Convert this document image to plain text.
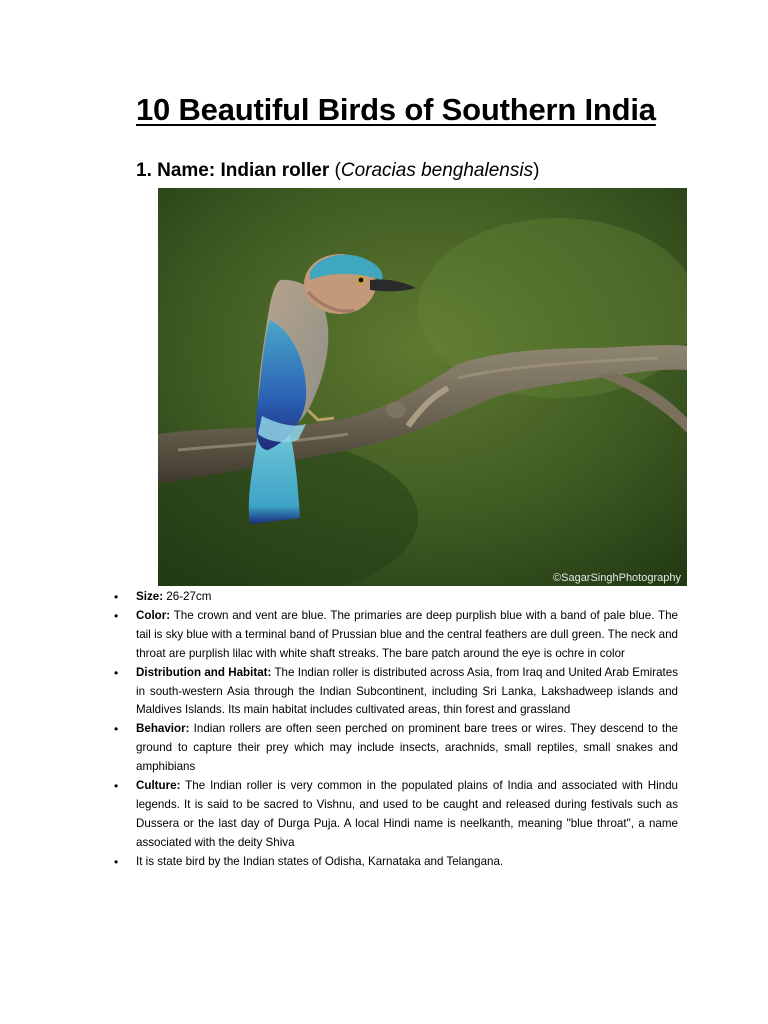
10 Beautiful Birds of Southern India
1. Name: Indian roller (Coracias benghalensis)
©SagarSinghPhotography
• Size: 26-27cm
• Color: The crown and vent are blue. The primaries are deep purplish blue with a band of pale blue. The tail is sky blue with a terminal band of Prussian blue and the central feathers are dull green. The neck and throat are purplish lilac with white shaft streaks. The bare patch around the eye is ochre in color
• Distribution and Habitat: The Indian roller is distributed across Asia, from Iraq and United Arab Emirates in south-western Asia through the Indian Subcontinent, including Sri Lanka, Lakshadweep islands and Maldives Islands. Its main habitat includes cultivated areas, thin forest and grassland
• Behavior: Indian rollers are often seen perched on prominent bare trees or wires. They descend to the ground to capture their prey which may include insects, arachnids, small reptiles, small snakes and amphibians
• Culture: The Indian roller is very common in the populated plains of India and associated with Hindu legends. It is said to be sacred to Vishnu, and used to be caught and released during festivals such as Dussera or the last day of Durga Puja. A local Hindi name is neelkanth, meaning "blue throat", a name associated with the deity Shiva
• It is state bird by the Indian states of Odisha, Karnataka and Telangana.
